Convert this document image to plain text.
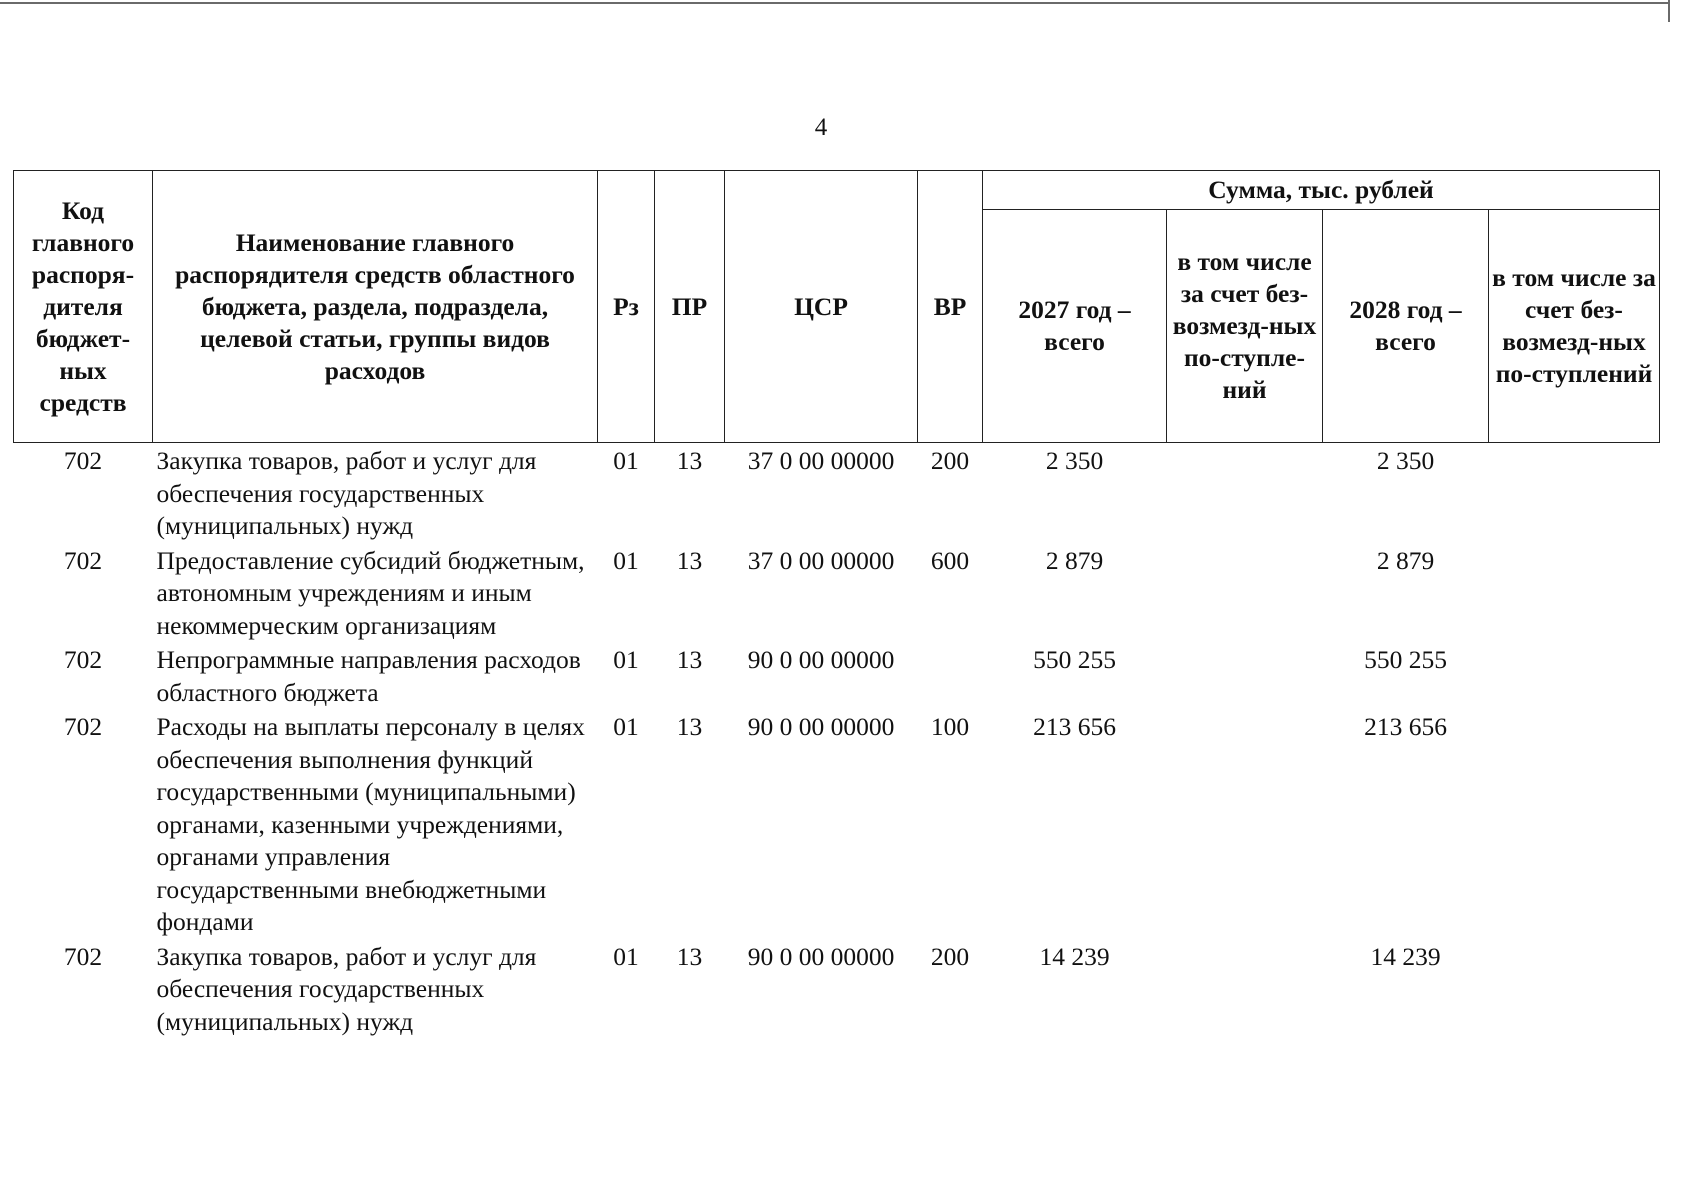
4
Код главного распоря-дителя бюджет-ных средств	Наименование главного распорядителя средств областного бюджета, раздела, подраздела, целевой статьи, группы видов расходов	Рз	ПР	ЦСР	ВР	Сумма, тыс. рублей			
						2027 год – всего	в том числе за счет без-возмезд-ных по-ступле-ний	2028 год – всего	в том числе за счет без-возмезд-ных по-ступлений
702	Закупка товаров, работ и услуг для обеспечения государственных (муниципальных) нужд	01	13	37 0 00 00000	200	2 350		2 350	
702	Предоставление субсидий бюджетным, автономным учреждениям и иным некоммерческим организациям	01	13	37 0 00 00000	600	2 879		2 879	
702	Непрограммные направления расходов областного бюджета	01	13	90 0 00 00000		550 255		550 255	
702	Расходы на выплаты персоналу в целях обеспечения выполнения функций государственными (муниципальными) органами, казенными учреждениями, органами управления государственными внебюджетными фондами	01	13	90 0 00 00000	100	213 656		213 656	
702	Закупка товаров, работ и услуг для обеспечения государственных (муниципальных) нужд	01	13	90 0 00 00000	200	14 239		14 239	
